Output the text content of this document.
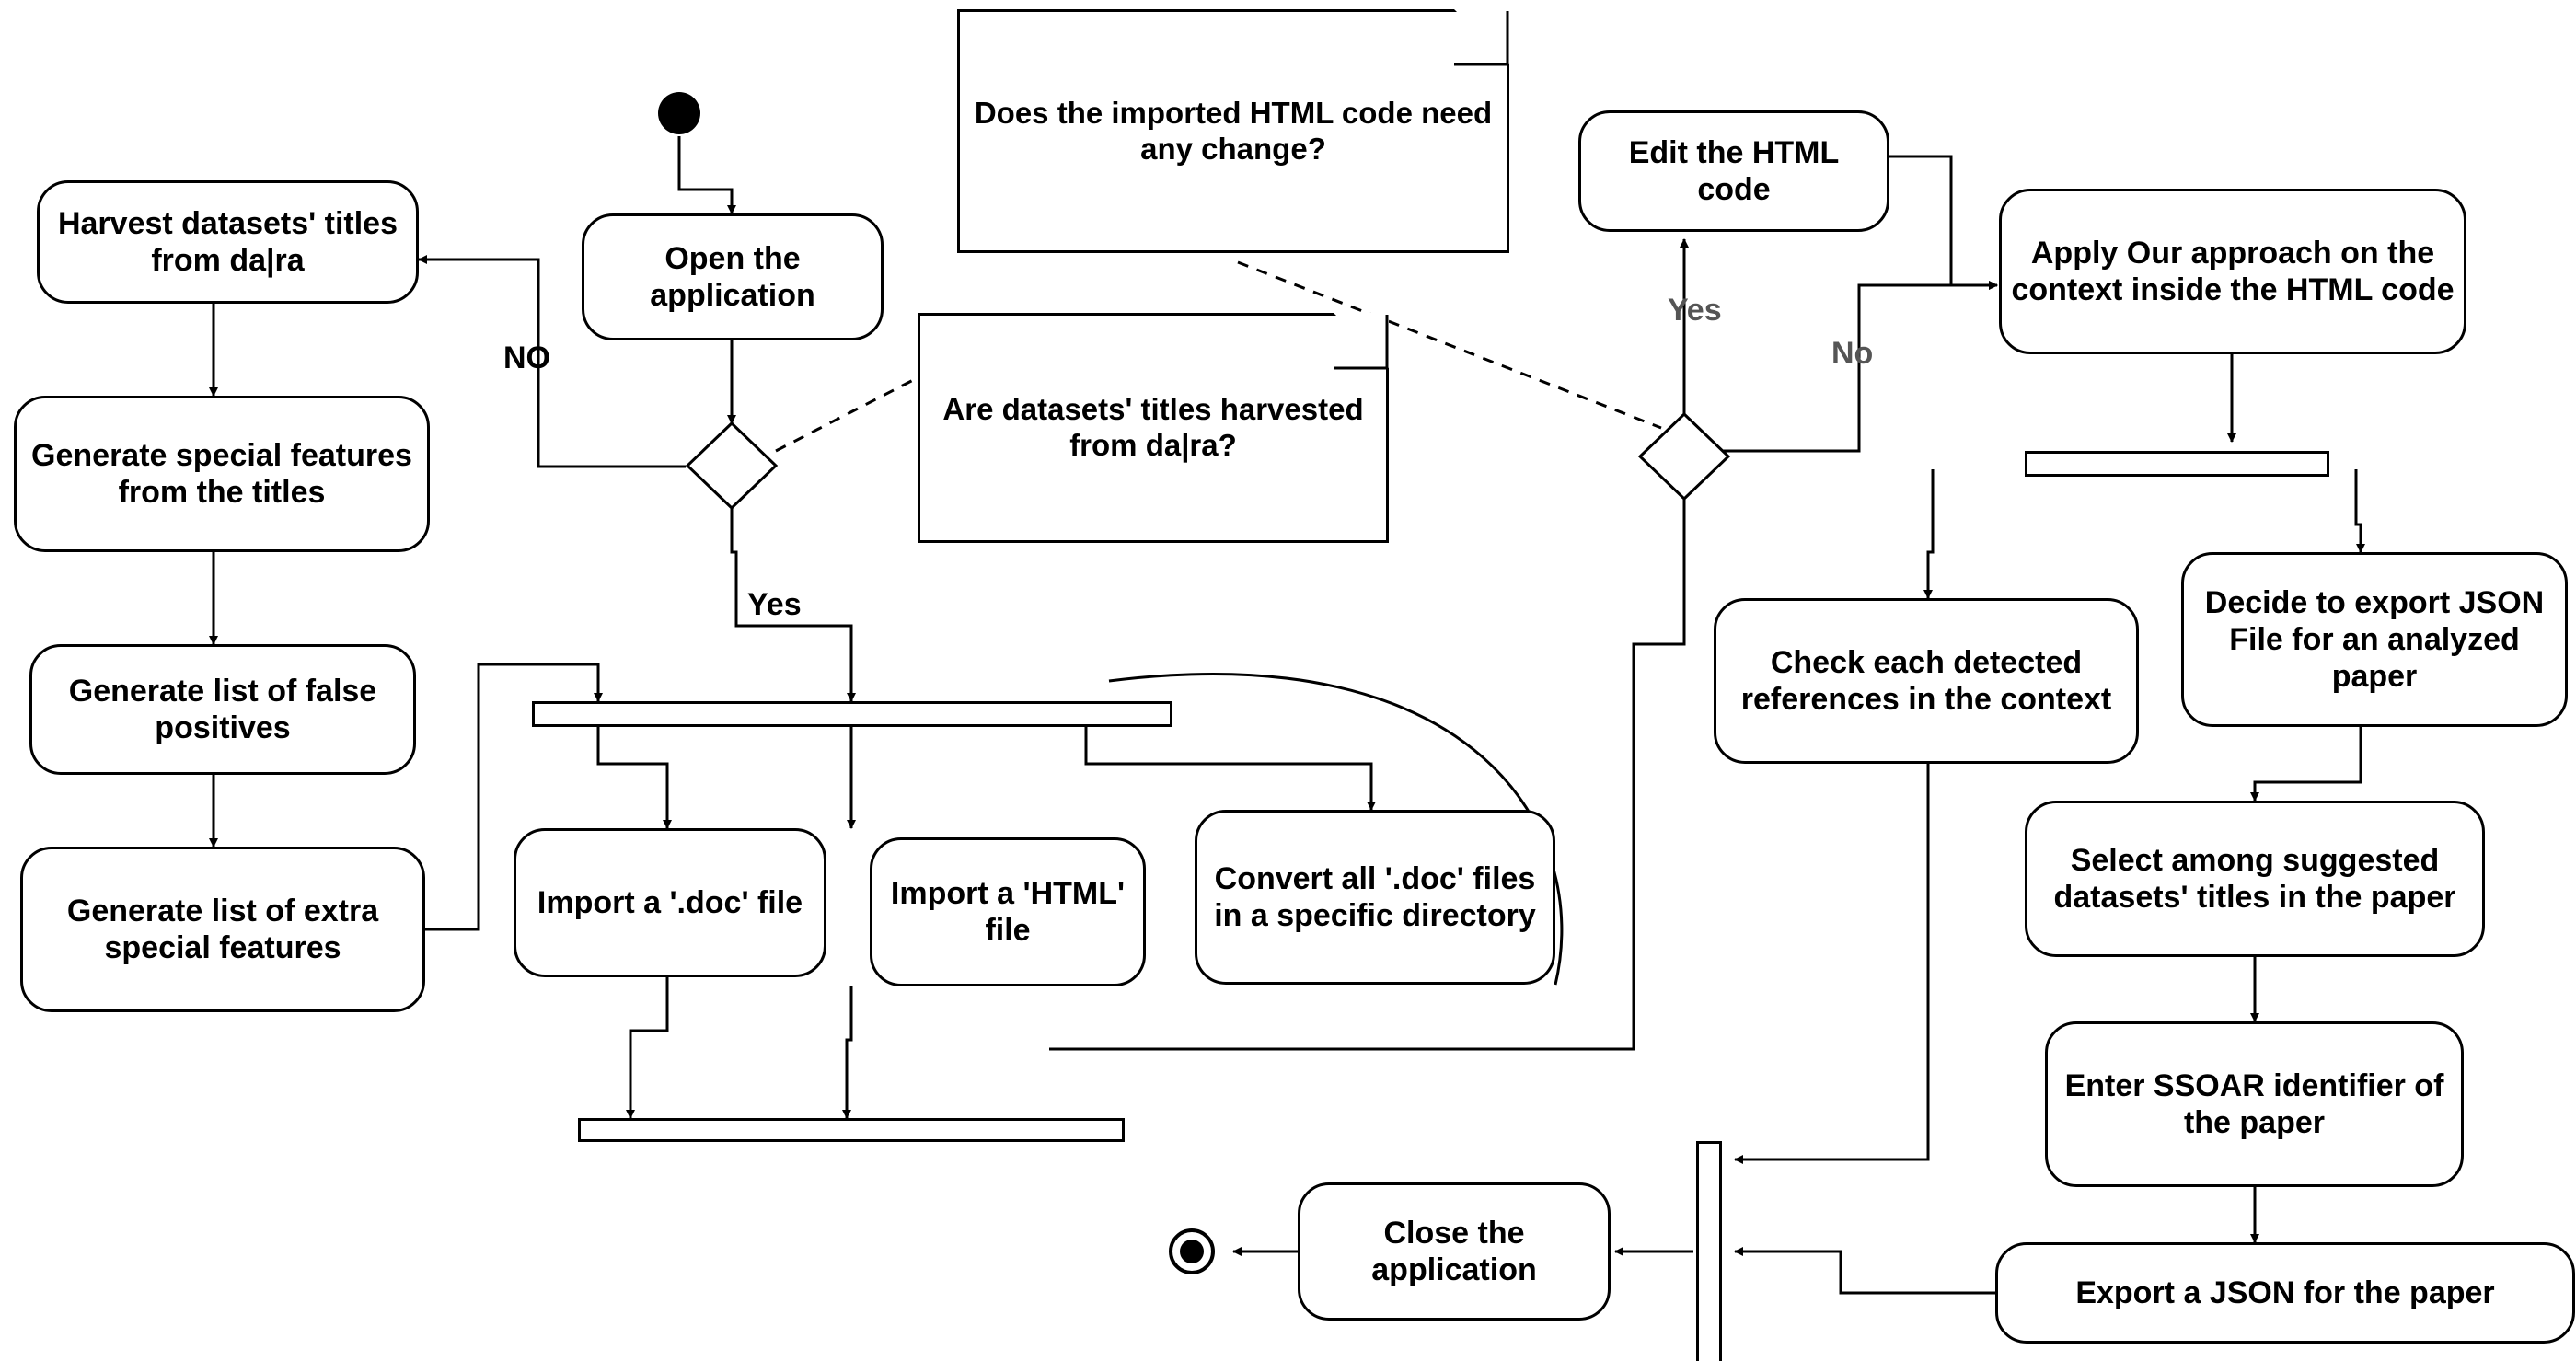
Does the imported HTML code need any change?
Are datasets' titles harvested from da|ra?
Harvest datasets' titles from da|ra
Generate special features from the titles
Generate list of false positives
Generate list of extra special features
Open the application
Import a '.doc' file	Import a 'HTML' file
Convert all '.doc' files in a specific directory
Edit the HTML code
Apply Our approach on the context inside the HTML code
Check each detected references in the context
Decide to export JSON File for an analyzed paper
Select among suggested datasets' titles in the paper
Enter SSOAR identifier of the paper
Export a JSON for the paper
Close the application
NO
Yes
Yes
No
